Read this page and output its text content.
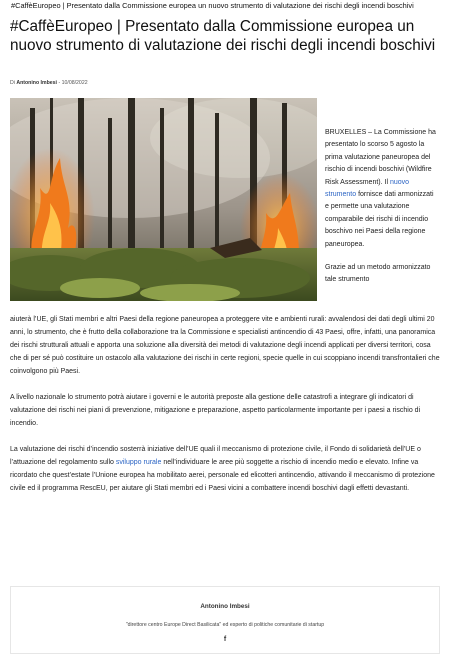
#CaffèEuropeo | Presentato dalla Commissione europea un nuovo strumento di valutazione dei rischi degli incendi boschivi
#CaffèEuropeo | Presentato dalla Commissione europea un nuovo strumento di valutazione dei rischi degli incendi boschivi
Di Antonino Imbesi - 10/08/2022

BRUXELLES – La Commissione ha presentato lo scorso 5 agosto la prima valutazione paneuropea del rischio di incendi boschivi (Wildfire Risk Assessment). Il nuovo strumento fornisce dati armonizzati e permette una valutazione comparabile dei rischi di incendio boschivo nei Paesi della regione paneuropea.

Grazie ad un metodo armonizzato tale strumento

aiuterà l’UE, gli Stati membri e altri Paesi della regione paneuropea a proteggere vite e ambienti rurali: avvalendosi dei dati degli ultimi 20 anni, lo strumento, che è frutto della collaborazione tra la Commissione e specialisti antincendio di 43 Paesi, offre, infatti, una panoramica dei rischi strutturali attuali e apporta una soluzione alla diversità dei metodi di valutazione degli incendi applicati per diversi territori, cosa che di per sé può costituire un ostacolo alla valutazione dei rischi in certe regioni, specie quelle in cui scoppiano incendi transfrontalieri che coinvolgono più Paesi.

A livello nazionale lo strumento potrà aiutare i governi e le autorità preposte alla gestione delle catastrofi a integrare gli indicatori di valutazione dei rischi nei piani di prevenzione, mitigazione e preparazione, aspetto particolarmente importante per i paesi a rischio di incendio.

La valutazione dei rischi d’incendio sosterrà iniziative dell’UE quali il meccanismo di protezione civile, il Fondo di solidarietà dell’UE o l’attuazione del regolamento sullo sviluppo rurale nell’individuare le aree più soggette a rischio di incendio medio e elevato. Infine va ricordato che quest’estate l’Unione europea ha mobilitato aerei, personale ed elicotteri antincendio, attivando il meccanismo di protezione civile ed il programma RescEU, per aiutare gli Stati membri ed i Paesi vicini a combattere incendi boschivi dagli effetti devastanti.

Antonino Imbesi
"direttore centro Europe Direct Basilicata" ed esperto di politiche comunitarie di startup
f
